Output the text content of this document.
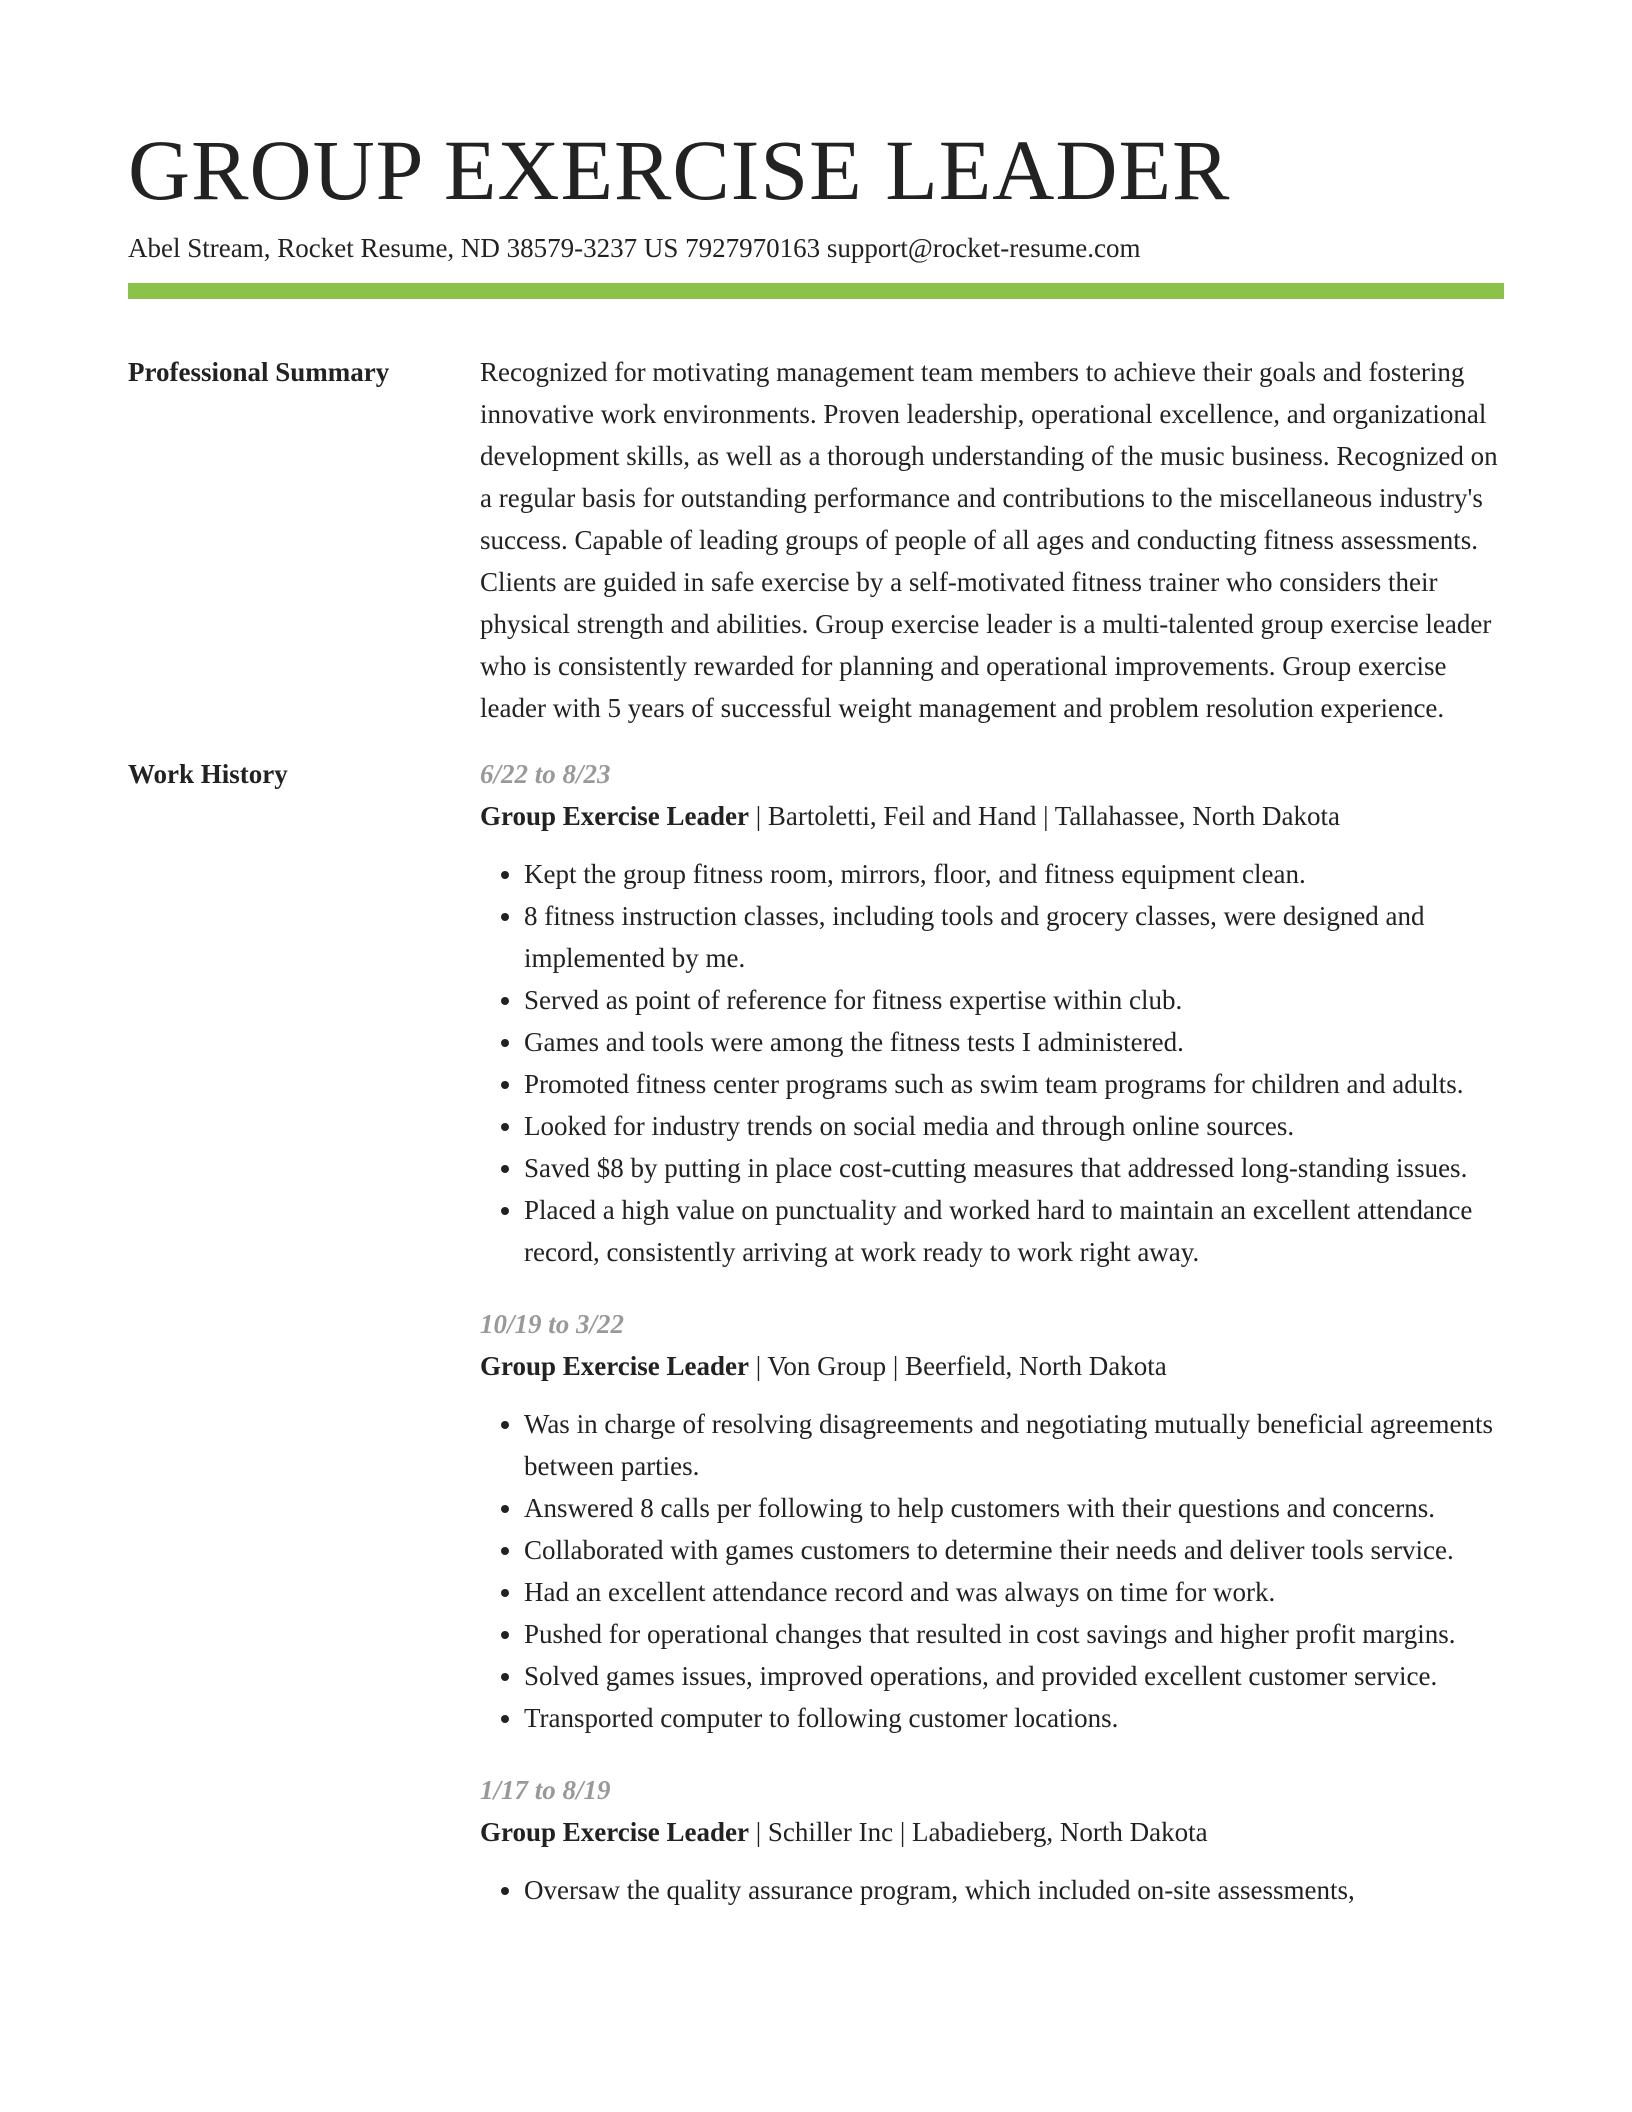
GROUP EXERCISE LEADER
Abel Stream, Rocket Resume, ND 38579-3237 US 7927970163 support@rocket-resume.com
Professional Summary	Recognized for motivating management team members to achieve their goals and fostering innovative work environments. Proven leadership, operational excellence, and organizational development skills, as well as a thorough understanding of the music business. Recognized on a regular basis for outstanding performance and contributions to the miscellaneous industry's success. Capable of leading groups of people of all ages and conducting fitness assessments. Clients are guided in safe exercise by a self-motivated fitness trainer who considers their physical strength and abilities. Group exercise leader is a multi-talented group exercise leader who is consistently rewarded for planning and operational improvements. Group exercise leader with 5 years of successful weight management and problem resolution experience.

Work History	6/22 to 8/23
Group Exercise Leader | Bartoletti, Feil and Hand | Tallahassee, North Dakota
• Kept the group fitness room, mirrors, floor, and fitness equipment clean.
• 8 fitness instruction classes, including tools and grocery classes, were designed and implemented by me.
• Served as point of reference for fitness expertise within club.
• Games and tools were among the fitness tests I administered.
• Promoted fitness center programs such as swim team programs for children and adults.
• Looked for industry trends on social media and through online sources.
• Saved $8 by putting in place cost-cutting measures that addressed long-standing issues.
• Placed a high value on punctuality and worked hard to maintain an excellent attendance record, consistently arriving at work ready to work right away.
10/19 to 3/22
Group Exercise Leader | Von Group | Beerfield, North Dakota
• Was in charge of resolving disagreements and negotiating mutually beneficial agreements between parties.
• Answered 8 calls per following to help customers with their questions and concerns.
• Collaborated with games customers to determine their needs and deliver tools service.
• Had an excellent attendance record and was always on time for work.
• Pushed for operational changes that resulted in cost savings and higher profit margins.
• Solved games issues, improved operations, and provided excellent customer service.
• Transported computer to following customer locations.
1/17 to 8/19
Group Exercise Leader | Schiller Inc | Labadieberg, North Dakota
• Oversaw the quality assurance program, which included on-site assessments,
